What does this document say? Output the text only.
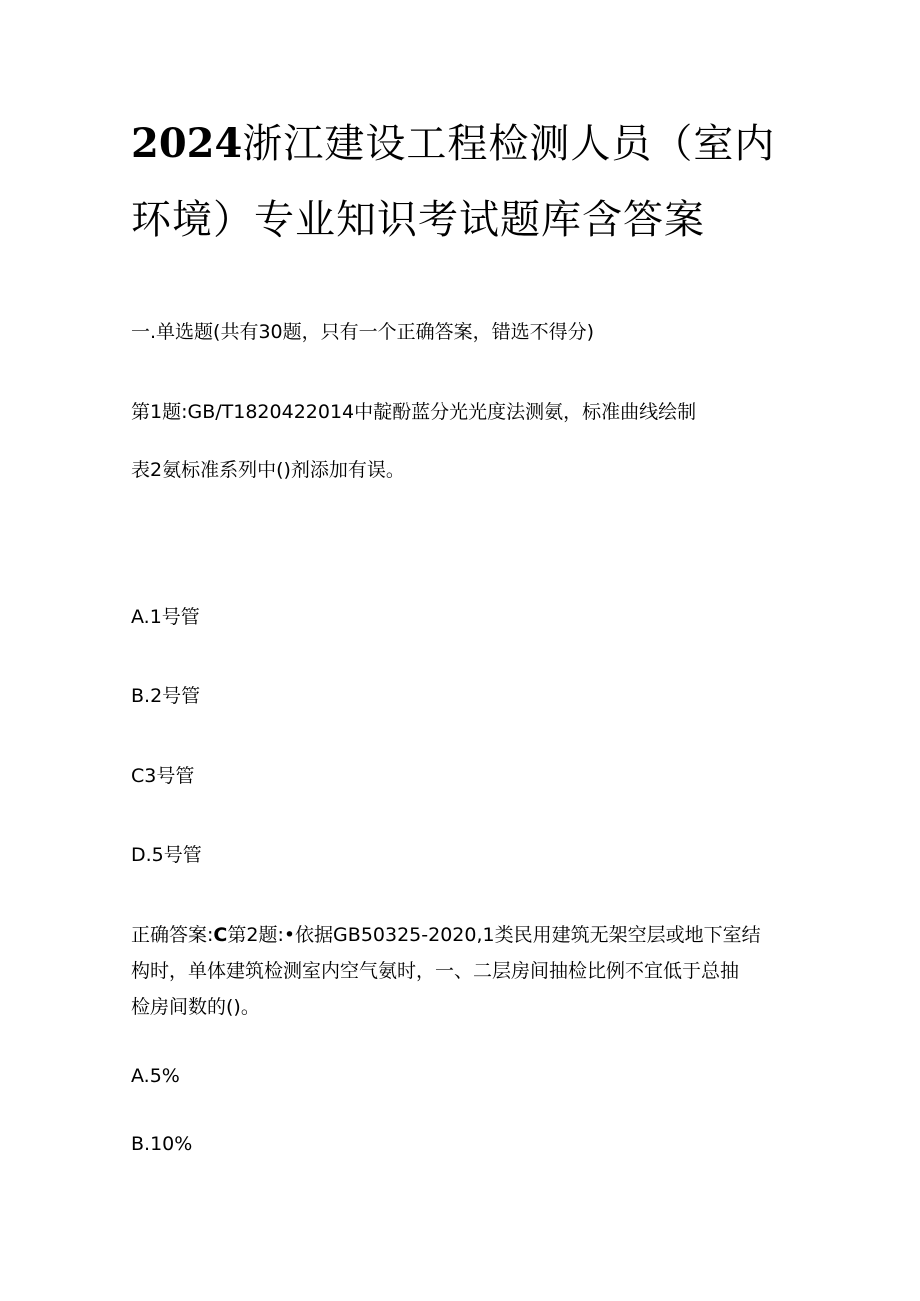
2024浙江建设工程检测人员（室内
环境）专业知识考试题库含答案
一.单选题(共有30题，只有一个正确答案，错选不得分)
第1题:GB/T1820422014中靛酚蓝分光光度法测氨，标准曲线绘制
表2氨标准系列中()剂添加有误。
A.1号管
B.2号管
C3号管
D.5号管
正确答案:C第2题:•依据GB50325-2020,1类民用建筑无架空层或地下室结
构时，单体建筑检测室内空气氨时，一、二层房间抽检比例不宜低于总抽
检房间数的()。
A.5%
B.10%
